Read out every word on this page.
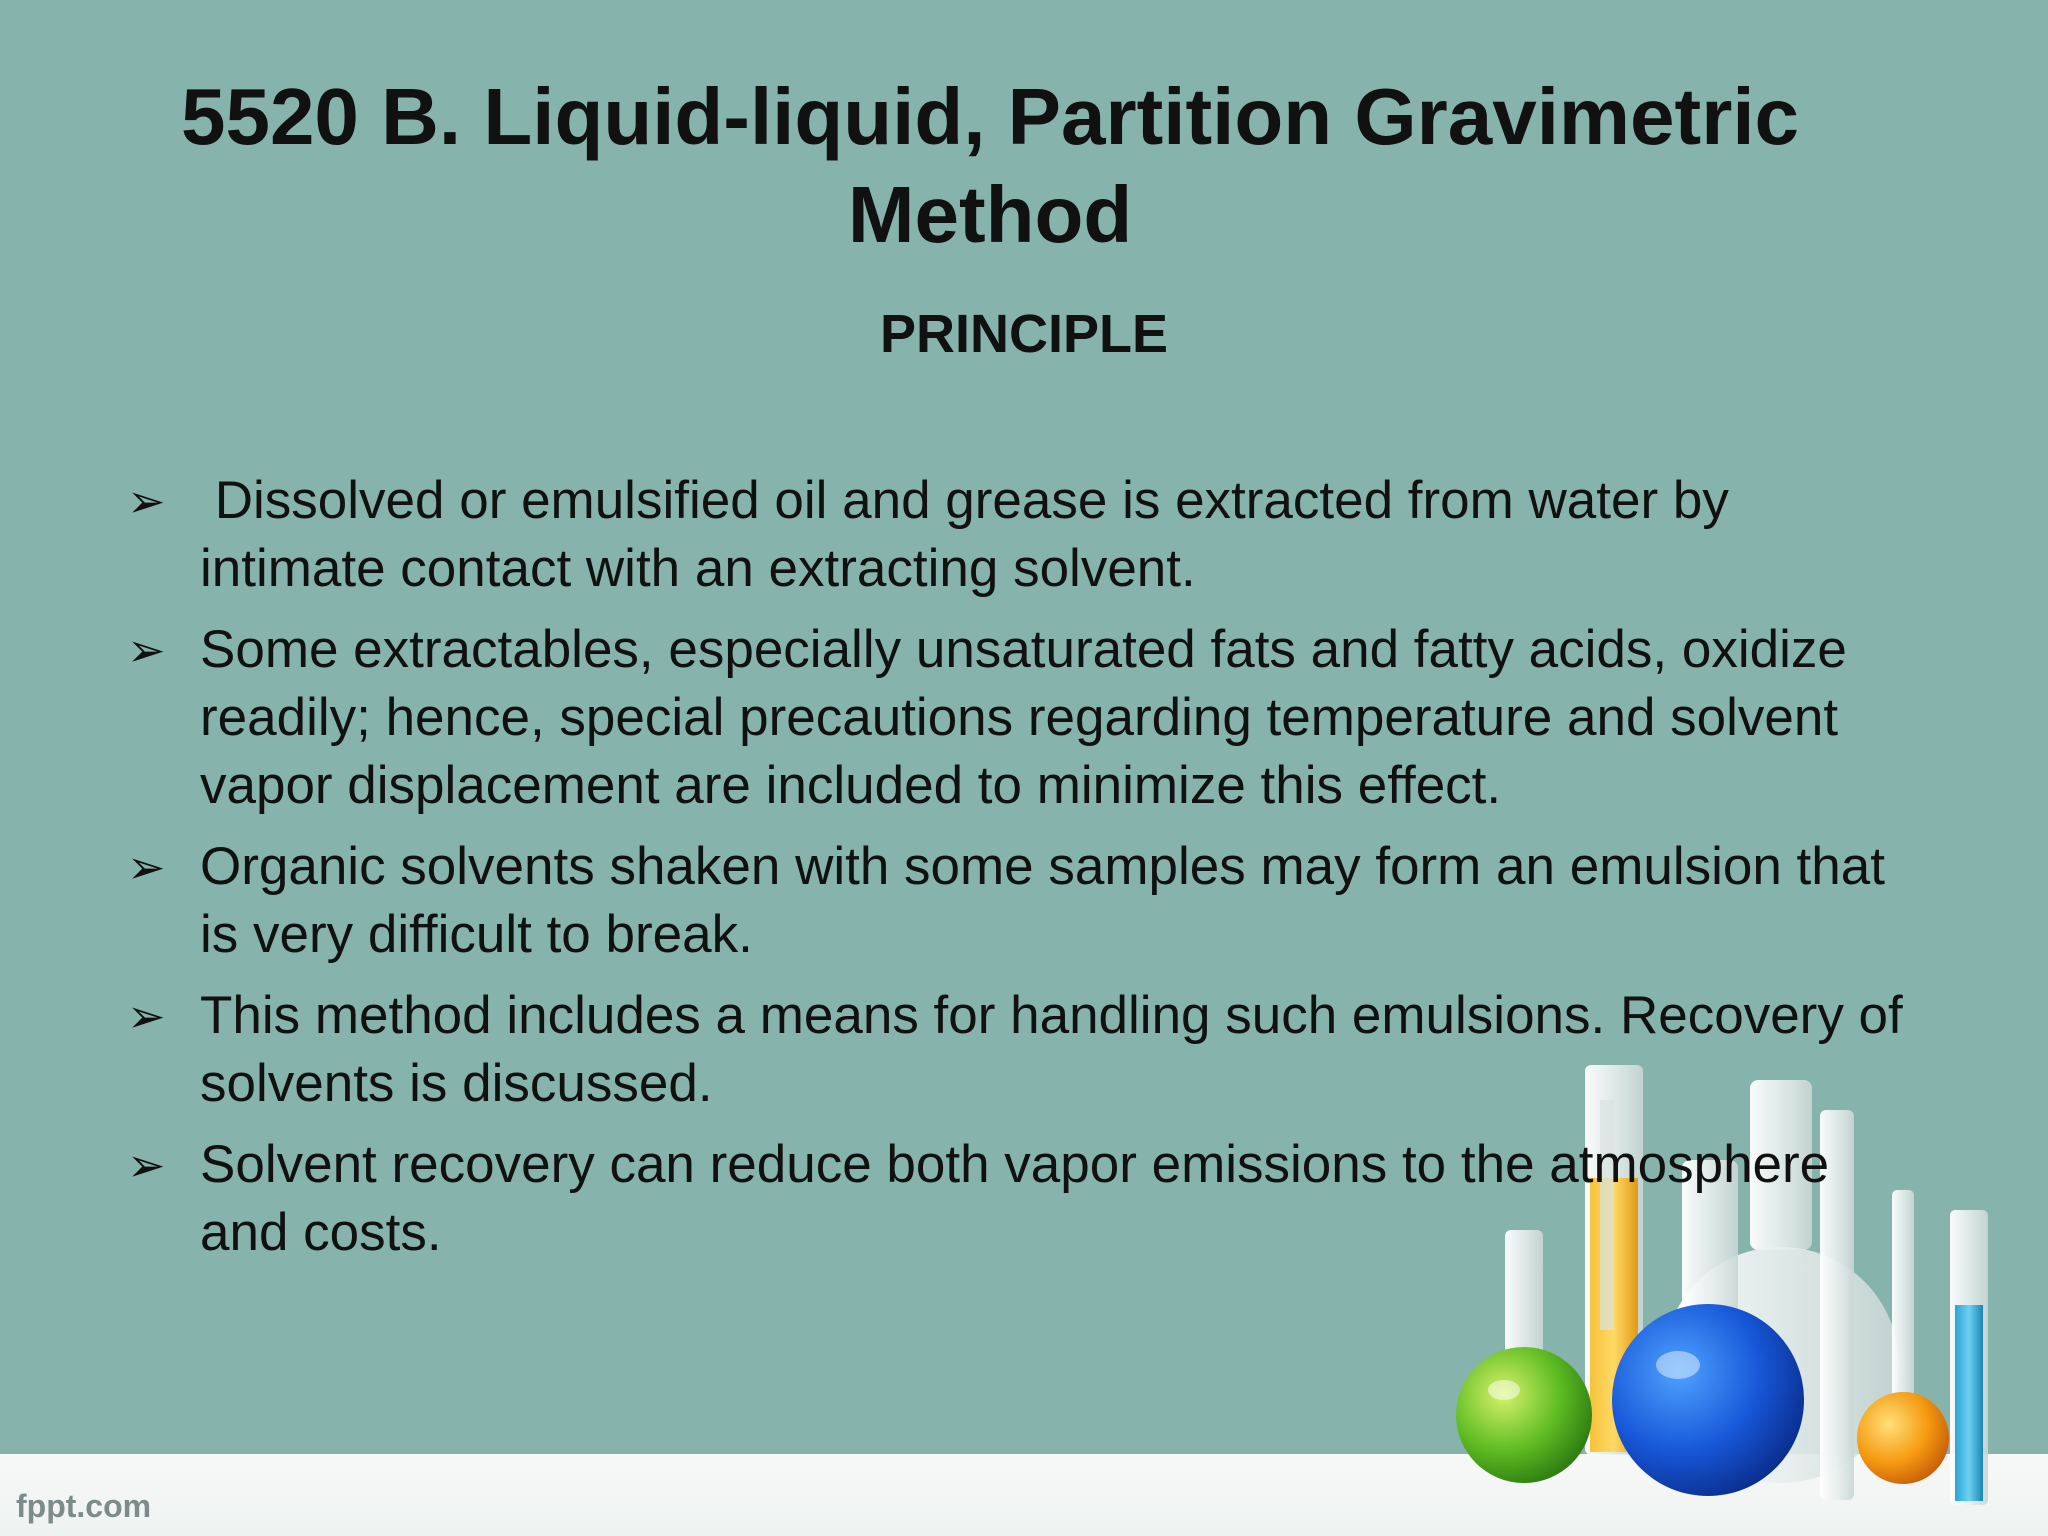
5520 B. Liquid-liquid, Partition Gravimetric Method
PRINCIPLE
➢ Dissolved or emulsified oil and grease is extracted from water by intimate contact with an extracting solvent.
➢ Some extractables, especially unsaturated fats and fatty acids, oxidize readily; hence, special precautions regarding temperature and solvent vapor displacement are included to minimize this effect.
➢ Organic solvents shaken with some samples may form an emulsion that is very difficult to break.
➢ This method includes a means for handling such emulsions. Recovery of solvents is discussed.
➢ Solvent recovery can reduce both vapor emissions to the atmosphere and costs.
fppt.com
